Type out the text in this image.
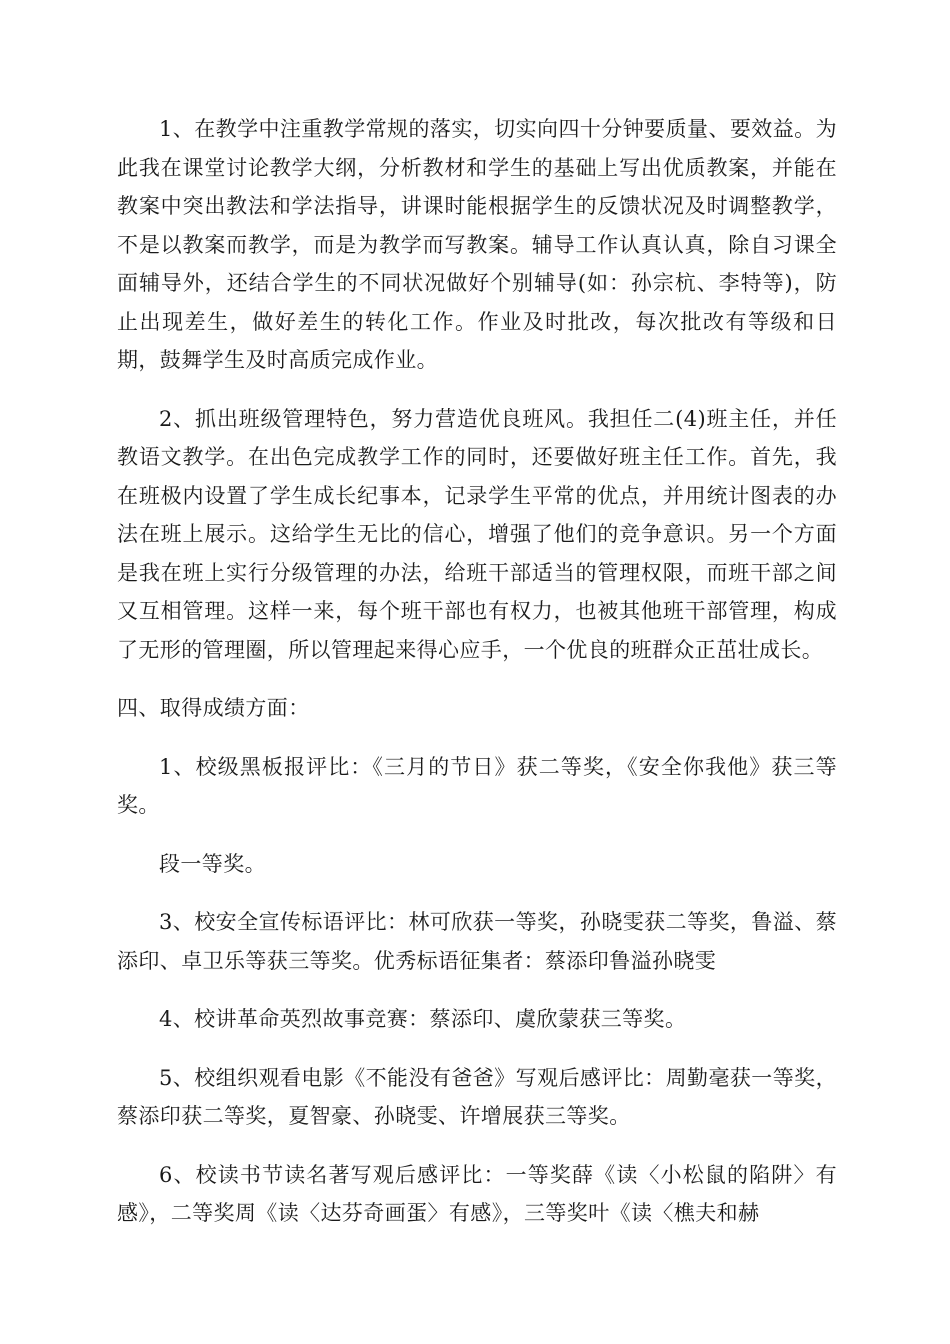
1、在教学中注重教学常规的落实，切实向四十分钟要质量、要效益。为此我在课堂讨论教学大纲，分析教材和学生的基础上写出优质教案，并能在教案中突出教法和学法指导，讲课时能根据学生的反馈状况及时调整教学，不是以教案而教学，而是为教学而写教案。辅导工作认真认真，除自习课全面辅导外，还结合学生的不同状况做好个别辅导(如：孙宗杭、李特等)，防止出现差生，做好差生的转化工作。作业及时批改，每次批改有等级和日期，鼓舞学生及时高质完成作业。

2、抓出班级管理特色，努力营造优良班风。我担任二(4)班主任，并任教语文教学。在出色完成教学工作的同时，还要做好班主任工作。首先，我在班极内设置了学生成长纪事本，记录学生平常的优点，并用统计图表的办法在班上展示。这给学生无比的信心，增强了他们的竞争意识。另一个方面是我在班上实行分级管理的办法，给班干部适当的管理权限，而班干部之间又互相管理。这样一来，每个班干部也有权力，也被其他班干部管理，构成了无形的管理圈，所以管理起来得心应手，一个优良的班群众正茁壮成长。

四、取得成绩方面：

1、校级黑板报评比：《三月的节日》获二等奖，《安全你我他》获三等奖。

段一等奖。

3、校安全宣传标语评比：林可欣获一等奖，孙晓雯获二等奖，鲁溢、蔡添印、卓卫乐等获三等奖。优秀标语征集者：蔡添印鲁溢孙晓雯

4、校讲革命英烈故事竞赛：蔡添印、虞欣蒙获三等奖。

5、校组织观看电影《不能没有爸爸》写观后感评比：周勤毫获一等奖，蔡添印获二等奖，夏智豪、孙晓雯、许增展获三等奖。

6、校读书节读名著写观后感评比：一等奖薛《读〈小松鼠的陷阱〉有感》，二等奖周《读〈达芬奇画蛋〉有感》，三等奖叶《读〈樵夫和赫
